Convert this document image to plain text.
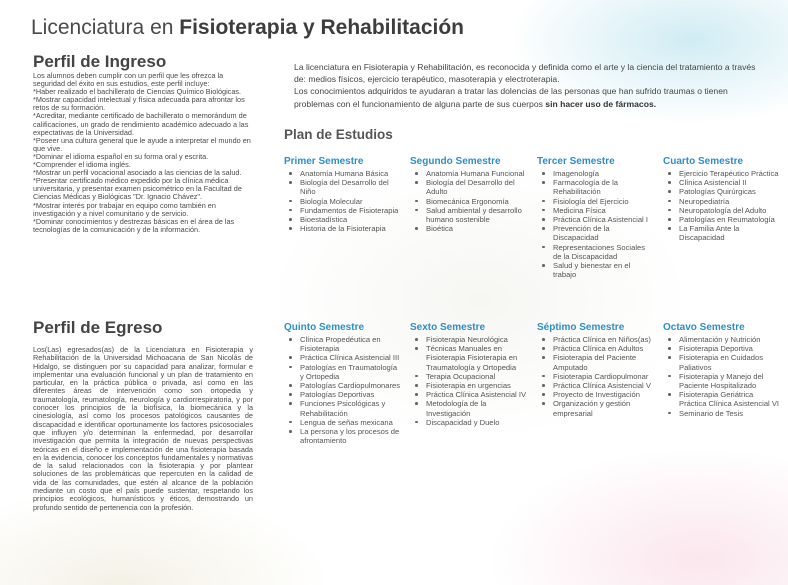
Licenciatura en Fisioterapia y Rehabilitación
Perfil de Ingreso

Los alumnos deben cumplir con un perfil que les ofrezca la seguridad del éxito en sus estudios, este perfil incluye:

*Haber realizado el bachillerato de Ciencias Químico Biológicas.

*Mostrar capacidad intelectual y física adecuada para afrontar los retos de su formación.

*Acreditar, mediante certificado de bachillerato o memorándum de calificaciones, un grado de rendimiento académico adecuado a las expectativas de la Universidad.

*Poseer una cultura general que le ayude a interpretar el mundo en que vive.

*Dominar el idioma español en su forma oral y escrita.

*Comprender el idioma inglés.

*Mostrar un perfil vocacional asociado a las ciencias de la salud.

*Presentar certificado médico expedido por la clínica médica universitaria, y presentar examen psicométrico en la Facultad de Ciencias Médicas y Biológicas "Dr. Ignacio Chávez".

*Mostrar interés por trabajar en equipo como también en investigación y a nivel comunitario y de servicio.

*Dominar conocimientos y destrezas básicas en el área de las tecnologías de la comunicación y de la información.

Perfil de Egreso

Los(Las) egresados(as) de la Licenciatura en Fisioterapia y Rehabilitación de la Universidad Michoacana de San Nicolás de Hidalgo, se distinguen por su capacidad para analizar, formular e implementar una evaluación funcional y un plan de tratamiento en particular, en la práctica pública o privada, así como en las diferentes áreas de intervención como son ortopedia y traumatología, reumatología, neurología y cardiorrespiratoria, y por conocer los principios de la biofísica, la biomecánica y la cinesiología, así como los procesos patológicos causantes de discapacidad e identificar oportunamente los factores psicosociales que influyen y/o determinan la enfermedad, por desarrollar investigación que permita la integración de nuevas perspectivas teóricas en el diseño e implementación de una fisioterapia basada en la evidencia, conocer los conceptos fundamentales y normativas de la salud relacionados con la fisioterapia y por plantear soluciones de las problemáticas que repercuten en la calidad de vida de las comunidades, que estén al alcance de la población mediante un costo que el país puede sustentar, respetando los principios ecológicos, humanísticos y éticos, demostrando un profundo sentido de pertenencia con la profesión.

La licenciatura en Fisioterapia y Rehabilitación, es reconocida y definida como el arte y la ciencia del tratamiento a través de: medios físicos, ejercicio terapéutico, masoterapia y electroterapia.

Los conocimientos adquiridos te ayudaran a tratar las dolencias de las personas que han sufrido traumas o tienen problemas con el funcionamiento de alguna parte de sus cuerpos sin hacer uso de fármacos.

Plan de Estudios
Primer Semestre
Anatomía Humana Básica
Biología del Desarrollo del Niño
Biología Molecular
Fundamentos de Fisioterapia
Bioestadística
Historia de la Fisioterapia
Segundo Semestre
Anatomía Humana Funcional
Biología del Desarrollo del Adulto
Biomecánica Ergonomía
Salud ambiental y desarrollo humano sostenible
Bioética
Tercer Semestre
Imagenología
Farmacología de la Rehabilitación
Fisiología del Ejercicio
Medicina Física
Práctica Clínica Asistencial I
Prevención de la Discapacidad
Representaciones Sociales de la Discapacidad
Salud y bienestar en el trabajo
Cuarto Semestre
Ejercicio Terapéutico Práctica
Clínica Asistencial II
Patologías Quirúrgicas
Neuropediatría
Neuropatología del Adulto
Patologías en Reumatología
La Familia Ante la Discapacidad
Quinto Semestre
Clínica Propedéutica en Fisioterapia
Práctica Clínica Asistencial III
Patologías en Traumatología y Ortopedia
Patologías Cardiopulmonares
Patologías Deportivas
Funciones Psicológicas y Rehabilitación
Lengua de señas mexicana
La persona y los procesos de afrontamiento
Sexto Semestre
Fisioterapia Neurológica
Técnicas Manuales en Fisioterapia Fisioterapia en Traumatología y Ortopedia
Terapia Ocupacional
Fisioterapia en urgencias
Práctica Clínica Asistencial IV
Metodología de la Investigación
Discapacidad y Duelo
Séptimo Semestre
Práctica Clínica en Niños(as)
Práctica Clínica en Adultos
Fisioterapia del Paciente Amputado
Fisioterapia Cardiopulmonar
Práctica Clínica Asistencial V
Proyecto de Investigación
Organización y gestión empresarial
Octavo Semestre
Alimentación y Nutrición
Fisioterapia Deportiva
Fisioterapia en Cuidados Paliativos
Fisioterapia y Manejo del Paciente Hospitalizado
Fisioterapia Geriátrica Práctica Clínica Asistencial VI
Seminario de Tesis
